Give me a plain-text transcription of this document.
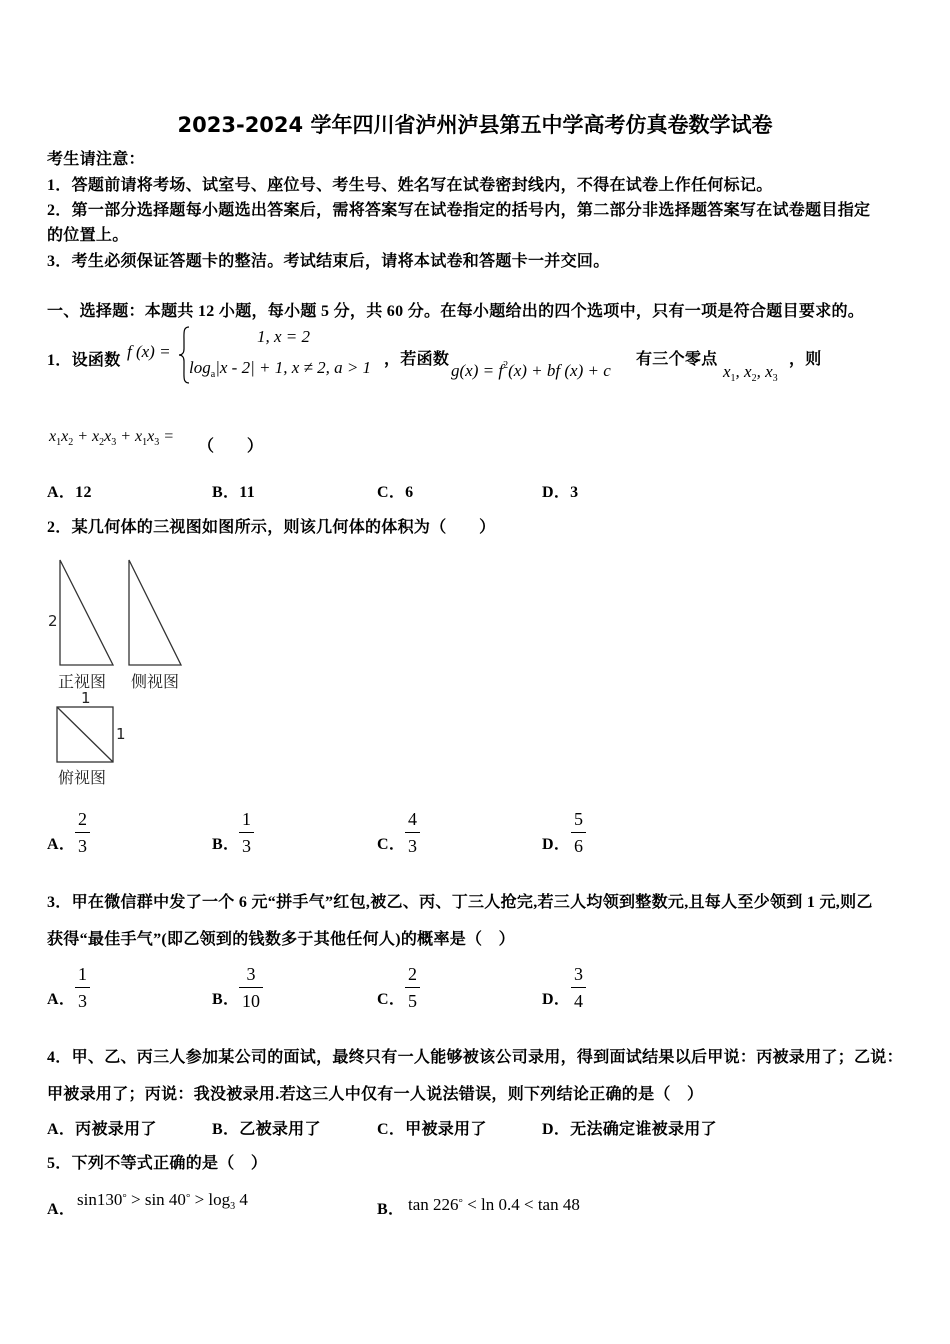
2023-2024 学年四川省泸州泸县第五中学高考仿真卷数学试卷
考生请注意：
1．答题前请将考场、试室号、座位号、考生号、姓名写在试卷密封线内，不得在试卷上作任何标记。
2．第一部分选择题每小题选出答案后，需将答案写在试卷指定的括号内，第二部分非选择题答案写在试卷题目指定
的位置上。
3．考生必须保证答题卡的整洁。考试结束后，请将本试卷和答题卡一并交回。
一、选择题：本题共 12 小题，每小题 5 分，共 60 分。在每小题给出的四个选项中，只有一项是符合题目要求的。
1．设函数 f (x) =
1, x = 2
$\log_a|x - 2| + 1$, x ≠ 2, a > 1 ，若函数
$g(x) = f^2(x)$ + bf (x) + c
有三个零点
$x_1$, $x_2$, $x_3$
，则
$x_1x_2 + x_2x_3 + x_1x_3$ =
（　　）
A．12	B．11	C．6	D．3
2．某几何体的三视图如图所示，则该几何体的体积为（　　）
2
正视图 侧视图
1
1
俯视图
A． $\frac{2}{3}$	B． $\frac{1}{3}$	C． $\frac{4}{3}$	D． $\frac{5}{6}$
3．甲在微信群中发了一个 6 元“拼手气”红包,被乙、丙、丁三人抢完,若三人均领到整数元,且每人至少领到 1 元,则乙
获得“最佳手气”(即乙领到的钱数多于其他任何人)的概率是（　）
A． $\frac{1}{3}$	B． $\frac{3}{10}$	C． $\frac{2}{5}$	D． $\frac{3}{4}$
4．甲、乙、丙三人参加某公司的面试，最终只有一人能够被该公司录用，得到面试结果以后甲说：丙被录用了；乙说：
甲被录用了；丙说：我没被录用.若这三人中仅有一人说法错误，则下列结论正确的是（　）
A．丙被录用了	B．乙被录用了	C．甲被录用了	D．无法确定谁被录用了
5．下列不等式正确的是（　）
A．
$\sin 130^\circ > \sin 40^\circ > \log_3 4$
B． tan 226° < ln 0.4 < tan 48
